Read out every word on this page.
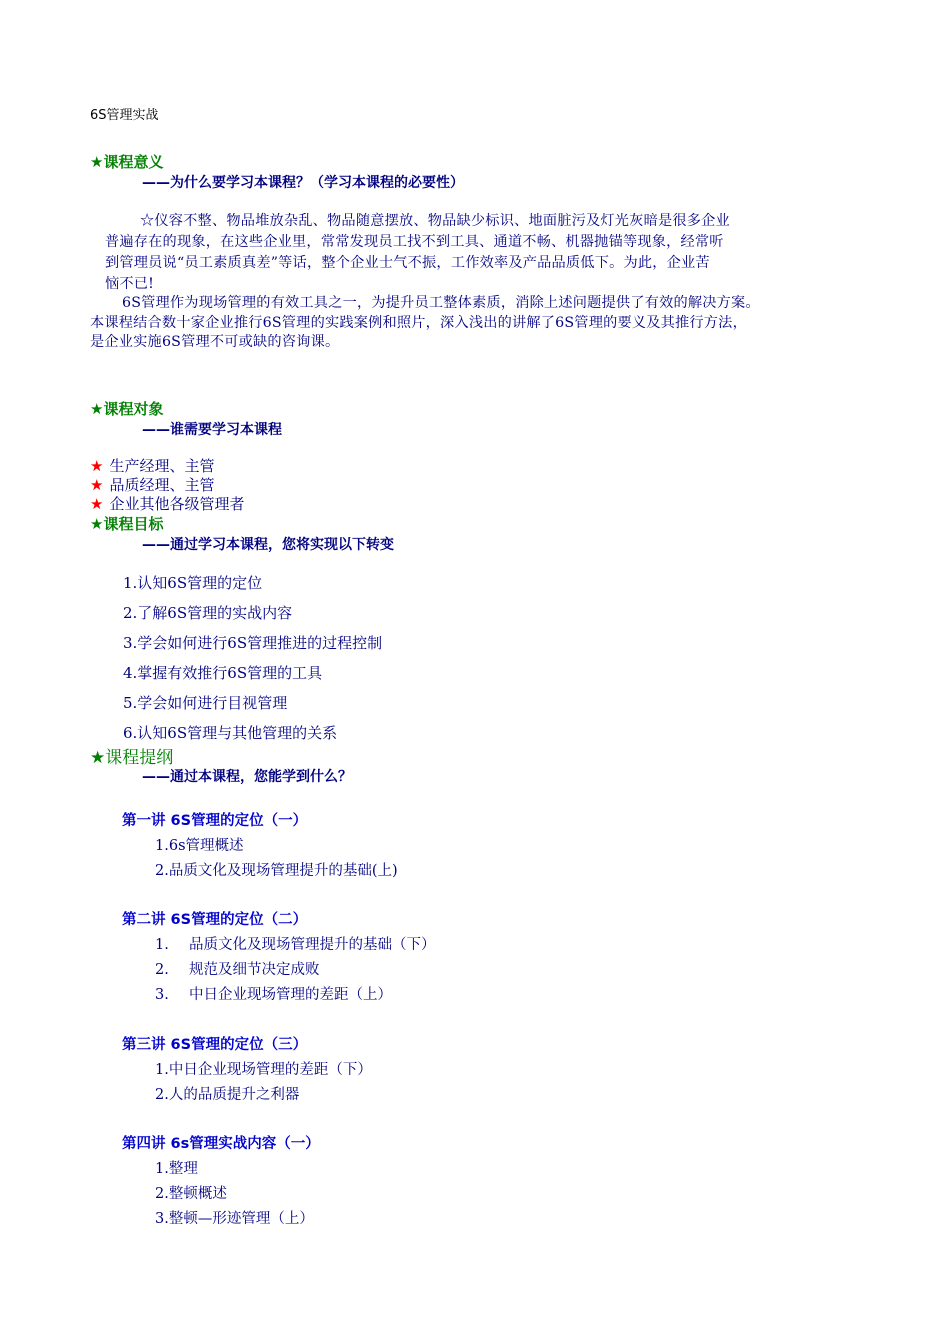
6S管理实战
★课程意义
——为什么要学习本课程？（学习本课程的必要性）
☆仪容不整、物品堆放杂乱、物品随意摆放、物品缺少标识、地面脏污及灯光灰暗是很多企业
普遍存在的现象，在这些企业里，常常发现员工找不到工具、通道不畅、机器抛锚等现象，经常听
到管理员说“员工素质真差”等话，整个企业士气不振，工作效率及产品品质低下。为此，企业苦
恼不已!
6S管理作为现场管理的有效工具之一，为提升员工整体素质，消除上述问题提供了有效的解决方案。
本课程结合数十家企业推行6S管理的实践案例和照片，深入浅出的讲解了6S管理的要义及其推行方法，
是企业实施6S管理不可或缺的咨询课。
★课程对象
——谁需要学习本课程
★ 生产经理、主管
★ 品质经理、主管
★ 企业其他各级管理者
★课程目标
——通过学习本课程，您将实现以下转变
1.认知6S管理的定位
2.了解6S管理的实战内容
3.学会如何进行6S管理推进的过程控制
4.掌握有效推行6S管理的工具
5.学会如何进行目视管理
6.认知6S管理与其他管理的关系
★课程提纲
——通过本课程，您能学到什么？
第一讲 6S管理的定位（一）
1.6s管理概述
2.品质文化及现场管理提升的基础(上)
第二讲 6S管理的定位（二）
1. 品质文化及现场管理提升的基础（下）
2. 规范及细节决定成败
3. 中日企业现场管理的差距（上）
第三讲 6S管理的定位（三）
1.中日企业现场管理的差距（下）
2.人的品质提升之利器
第四讲 6s管理实战内容（一）
1.整理
2.整顿概述
3.整顿—形迹管理（上）
